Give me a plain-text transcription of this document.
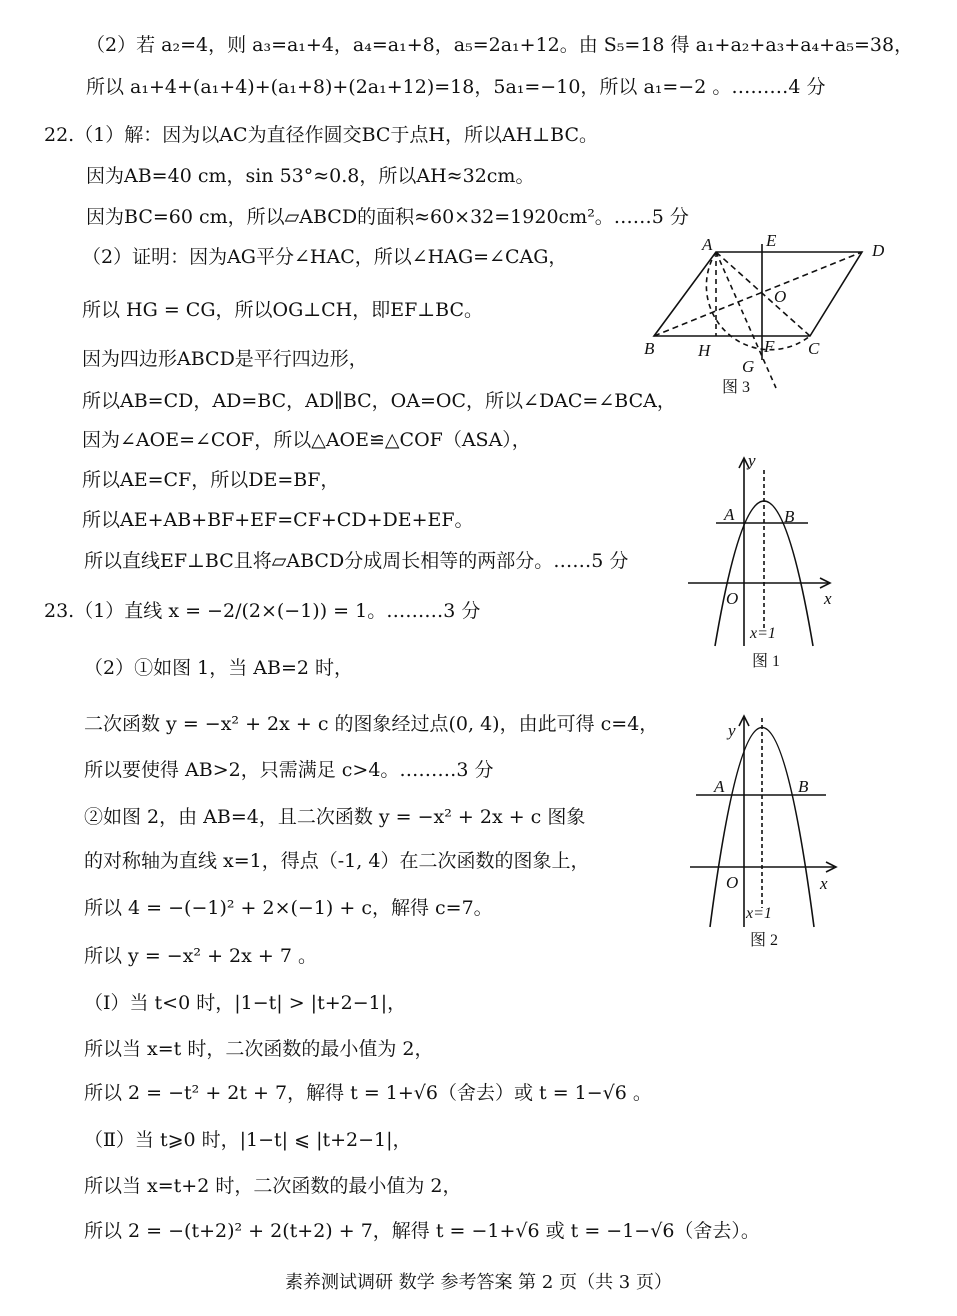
（2）若 a₂=4，则 a₃=a₁+4，a₄=a₁+8，a₅=2a₁+12。由 S₅=18 得 a₁+a₂+a₃+a₄+a₅=38，
所以 a₁+4+(a₁+4)+(a₁+8)+(2a₁+12)=18，5a₁=−10，所以 a₁=−2 。………4 分
22.（1）解：因为以AC为直径作圆交BC于点H，所以AH⊥BC。
因为AB=40 cm，sin 53°≈0.8，所以AH≈32cm。
因为BC=60 cm，所以▱ABCD的面积≈60×32=1920cm²。……5 分
（2）证明：因为AG平分∠HAC，所以∠HAG=∠CAG，
所以 HG = CG，所以OG⊥CH，即EF⊥BC。
因为四边形ABCD是平行四边形，
所以AB=CD，AD=BC，AD∥BC，OA=OC，所以∠DAC=∠BCA，
因为∠AOE=∠COF，所以△AOE≌△COF（ASA），
所以AE=CF，所以DE=BF，
所以AE+AB+BF+EF=CF+CD+DE+EF。
所以直线EF⊥BC且将▱ABCD分成周长相等的两部分。……5 分
23.（1）直线 x = −2/(2×(−1)) = 1。………3 分
（2）①如图 1，当 AB=2 时，
二次函数 y = −x² + 2x + c 的图象经过点(0, 4)，由此可得 c=4，
所以要使得 AB>2，只需满足 c>4。………3 分
②如图 2，由 AB=4，且二次函数 y = −x² + 2x + c 图象
的对称轴为直线 x=1，得点（-1, 4）在二次函数的图象上，
所以 4 = −(−1)² + 2×(−1) + c，解得 c=7。
所以 y = −x² + 2x + 7 。
（Ⅰ）当 t<0 时，|1−t| > |t+2−1|，
所以当 x=t 时，二次函数的最小值为 2，
所以 2 = −t² + 2t + 7，解得 t = 1+√6（舍去）或 t = 1−√6 。
（Ⅱ）当 t⩾0 时，|1−t| ⩽ |t+2−1|，
所以当 x=t+2 时，二次函数的最小值为 2，
所以 2 = −(t+2)² + 2(t+2) + 7，解得 t = −1+√6 或 t = −1−√6（舍去）。
A	E
D
O
B	H	F C
G
图 3
y
A	B
O	x
x=1
图 1
y
A	B
O	x
x=1
图 2
素养测试调研 数学 参考答案 第 2 页（共 3 页）
